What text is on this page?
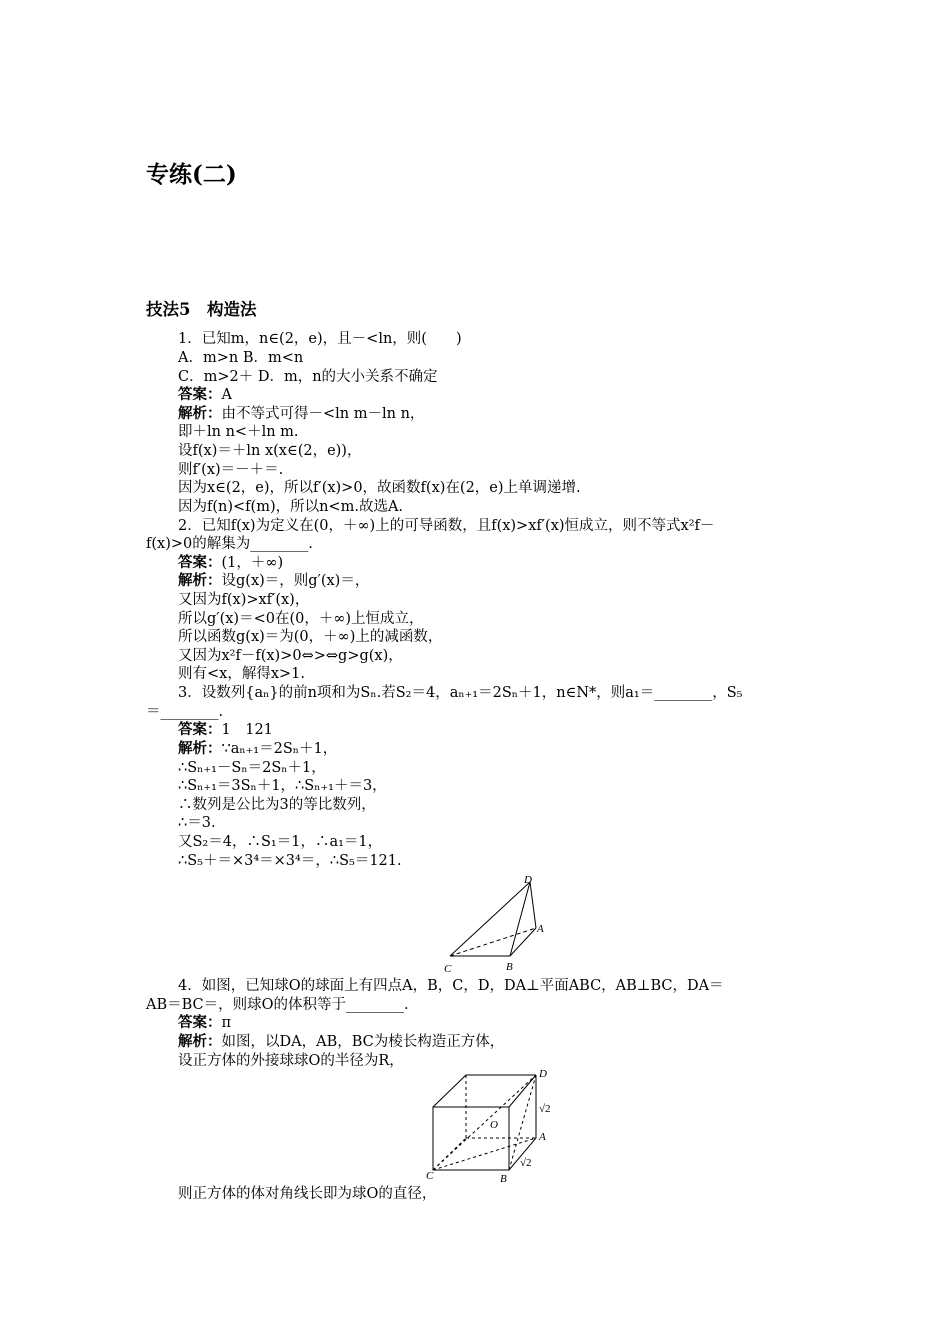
专练(二)
技法5　构造法
1．已知m，n∈(2，e)，且－<ln，则(　　)
A．m>n B．m<n
C．m>2＋ D．m，n的大小关系不确定
答案：A
解析：由不等式可得－<ln m－ln n，
即＋ln n<＋ln m.
设f(x)＝＋ln x(x∈(2，e))，
则f′(x)＝－＋＝.
因为x∈(2，e)，所以f′(x)>0，故函数f(x)在(2，e)上单调递增.
因为f(n)<f(m)，所以n<m.故选A.
2．已知f(x)为定义在(0，＋∞)上的可导函数，且f(x)>xf′(x)恒成立，则不等式x²f－
f(x)>0的解集为________.
答案：(1，＋∞)
解析：设g(x)＝，则g′(x)＝，
又因为f(x)>xf′(x)，
所以g′(x)＝<0在(0，＋∞)上恒成立，
所以函数g(x)＝为(0，＋∞)上的减函数，
又因为x²f－f(x)>0⇔>⇔g>g(x)，
则有<x，解得x>1.
3．设数列{aₙ}的前n项和为Sₙ.若S₂＝4，aₙ₊₁＝2Sₙ＋1，n∈N*，则a₁＝________，S₅
＝________.
答案：1　121
解析：∵aₙ₊₁＝2Sₙ＋1，
∴Sₙ₊₁－Sₙ＝2Sₙ＋1，
∴Sₙ₊₁＝3Sₙ＋1，∴Sₙ₊₁＋＝3，
∴数列是公比为3的等比数列，
∴＝3.
又S₂＝4，∴S₁＝1，∴a₁＝1，
∴S₅＋＝×3⁴＝×3⁴＝，∴S₅＝121.
D
A
B
C
4．如图，已知球O的球面上有四点A，B，C，D，DA⊥平面ABC，AB⊥BC，DA＝
AB＝BC＝，则球O的体积等于________.
答案：π
解析：如图，以DA，AB，BC为棱长构造正方体，
设正方体的外接球球O的半径为R，
D
A
B
C
O
√2
√2
则正方体的体对角线长即为球O的直径，
